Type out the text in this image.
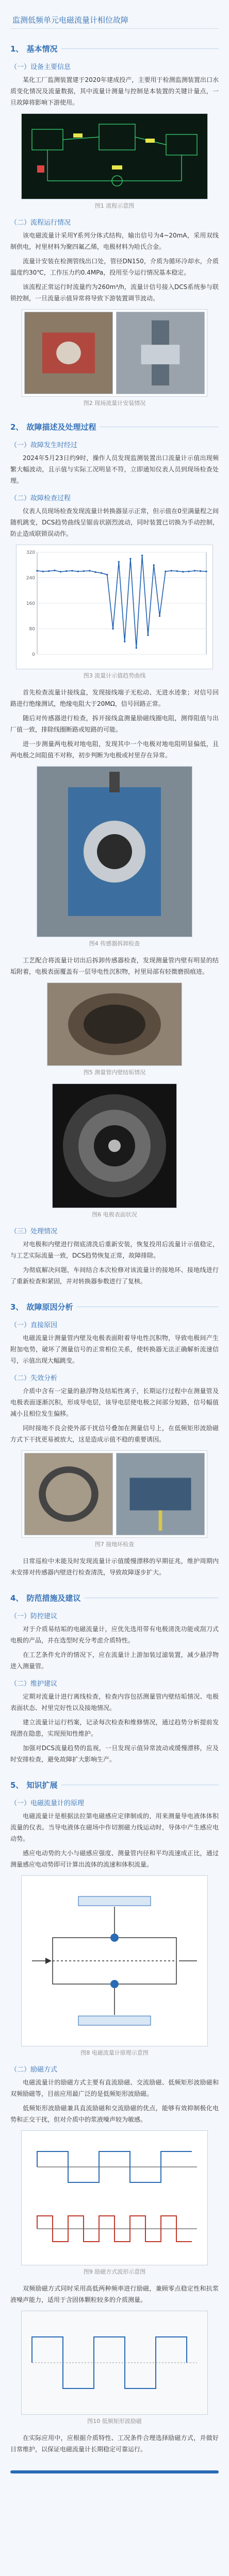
监测低频单元电磁流量计相位故障
1、 基本情况
（一）设备主要信息

某化工厂监测装置建于2020年建成投产，主要用于检测监测装置出口水质变化情况及流量数据，其中流量计测量与控制是本装置的关键计量点，一旦故障将影响下游使用。

图1 流程示意图
（二）流程运行情况

该电磁流量计采用Y系列分体式结构，输出信号为4~20mA，采用双线制供电，衬里材料为聚四氟乙烯，电极材料为哈氏合金。

流量计安装在检测管线出口处，管径DN150，介质为循环冷却水，介质温度约30℃，工作压力约0.4MPa，投用至今运行情况基本稳定。

该流程正常运行时流量约为260m³/h，流量计信号接入DCS系统参与联锁控制，一旦流量示值异常将导致下游装置调节波动。

图2 现场流量计安装情况
2、 故障描述及处理过程
（一）故障发生时经过

2024年5月23日约9时，操作人员发现监测装置出口流量计示值出现频繁大幅波动，且示值与实际工况明显不符，立即通知仪表人员到现场检查处理。

（二）故障检查过程

仪表人员现场检查发现流量计转换器显示正常，但示值在0至满量程之间随机跳变，DCS趋势曲线呈锯齿状剧烈波动，同时装置已切换为手动控制，防止造成联锁误动作。

0
80
160
240
320
图3 流量计示值趋势曲线

首先检查流量计接线盒，发现接线端子无松动、无进水迹象；对信号回路进行绝缘测试，绝缘电阻大于20MΩ，信号回路正常。

随后对传感器进行检查，拆开接线盒测量励磁线圈电阻，测得阻值与出厂值一致，排除线圈断路或短路的可能。

进一步测量两电极对地电阻，发现其中一个电极对地电阻明显偏低，且两电极之间阻值不对称，初步判断为电极或衬里存在异常。

图4 传感器拆卸检查

工艺配合将流量计切出后拆卸传感器检查，发现测量管内壁有明显的结垢附着，电极表面覆盖有一层导电性沉积物，衬里局部有轻微磨损痕迹。

图5 测量管内壁结垢情况
图6 电极表面状况
（三）处理情况

对电极和内壁进行彻底清洗后重新安装，恢复投用后流量计示值稳定，与工艺实际流量一致，DCS趋势恢复正常，故障排除。

为彻底解决问题，车间结合本次检修对该流量计的接地环、接地线进行了重新检查和紧固，并对转换器参数进行了复核。

3、 故障原因分析
（一）直接原因

电磁流量计测量管内壁及电极表面附着导电性沉积物，导致电极间产生附加电势，破坏了测量信号的正常相位关系，使转换器无法正确解析流速信号，示值出现大幅跳变。

（二）失效分析

介质中含有一定量的悬浮物及结垢性离子，长期运行过程中在测量管及电极表面逐渐沉积，形成导电层，该导电层使电极之间部分短路，信号幅值减小且相位发生偏移。

同时接地不良会使外部干扰信号叠加在测量信号上，在低频矩形波励磁方式下干扰更易被放大，这是造成示值不稳的重要诱因。

图7 接地环检查

日常巡检中未能及时发现流量计示值缓慢漂移的早期征兆，维护周期内未安排对传感器内壁进行检查清洗，导致故障逐步扩大。

4、 防范措施及建议
（一）防控建议

对于介质易结垢的电磁流量计，应优先选用带有电极清洗功能或刮刀式电极的产品，并在选型时充分考虑介质特性。

在工艺条件允许的情况下，应在流量计上游加装过滤装置，减少悬浮物进入测量管。

（二）维护建议

定期对流量计进行离线检查，检查内容包括测量管内壁结垢情况、电极表面状态、衬里完好性以及接地情况。

建立流量计运行档案，记录每次检查和维修情况，通过趋势分析提前发现潜在隐患，实现预知性维护。

加强对DCS流量趋势的监视，一旦发现示值异常波动或缓慢漂移，应及时安排检查，避免故障扩大影响生产。

5、 知识扩展
（一）电磁流量计的原理

电磁流量计是根据法拉第电磁感应定律制成的，用来测量导电液体体积流量的仪表。当导电液体在磁场中作切割磁力线运动时，导体中产生感应电动势。

感应电动势的大小与磁感应强度、测量管内径和平均流速成正比，通过测量感应电动势即可计算出流体的流速和体积流量。

图8 电磁流量计原理示意图
（二）励磁方式

电磁流量计的励磁方式主要有直流励磁、交流励磁、低频矩形波励磁和双频励磁等，目前应用最广泛的是低频矩形波励磁。

低频矩形波励磁兼具直流励磁和交流励磁的优点，能够有效抑制极化电势和正交干扰，但对介质中的浆液噪声较为敏感。

图9 励磁方式波形示意图

双频励磁方式同时采用高低两种频率进行励磁，兼顾零点稳定性和抗浆液噪声能力，适用于含固体颗粒较多的介质测量。

图10 低频矩形波励磁

在实际应用中，应根据介质特性、工况条件合理选择励磁方式，并做好日常维护，以保证电磁流量计长期稳定可靠运行。
